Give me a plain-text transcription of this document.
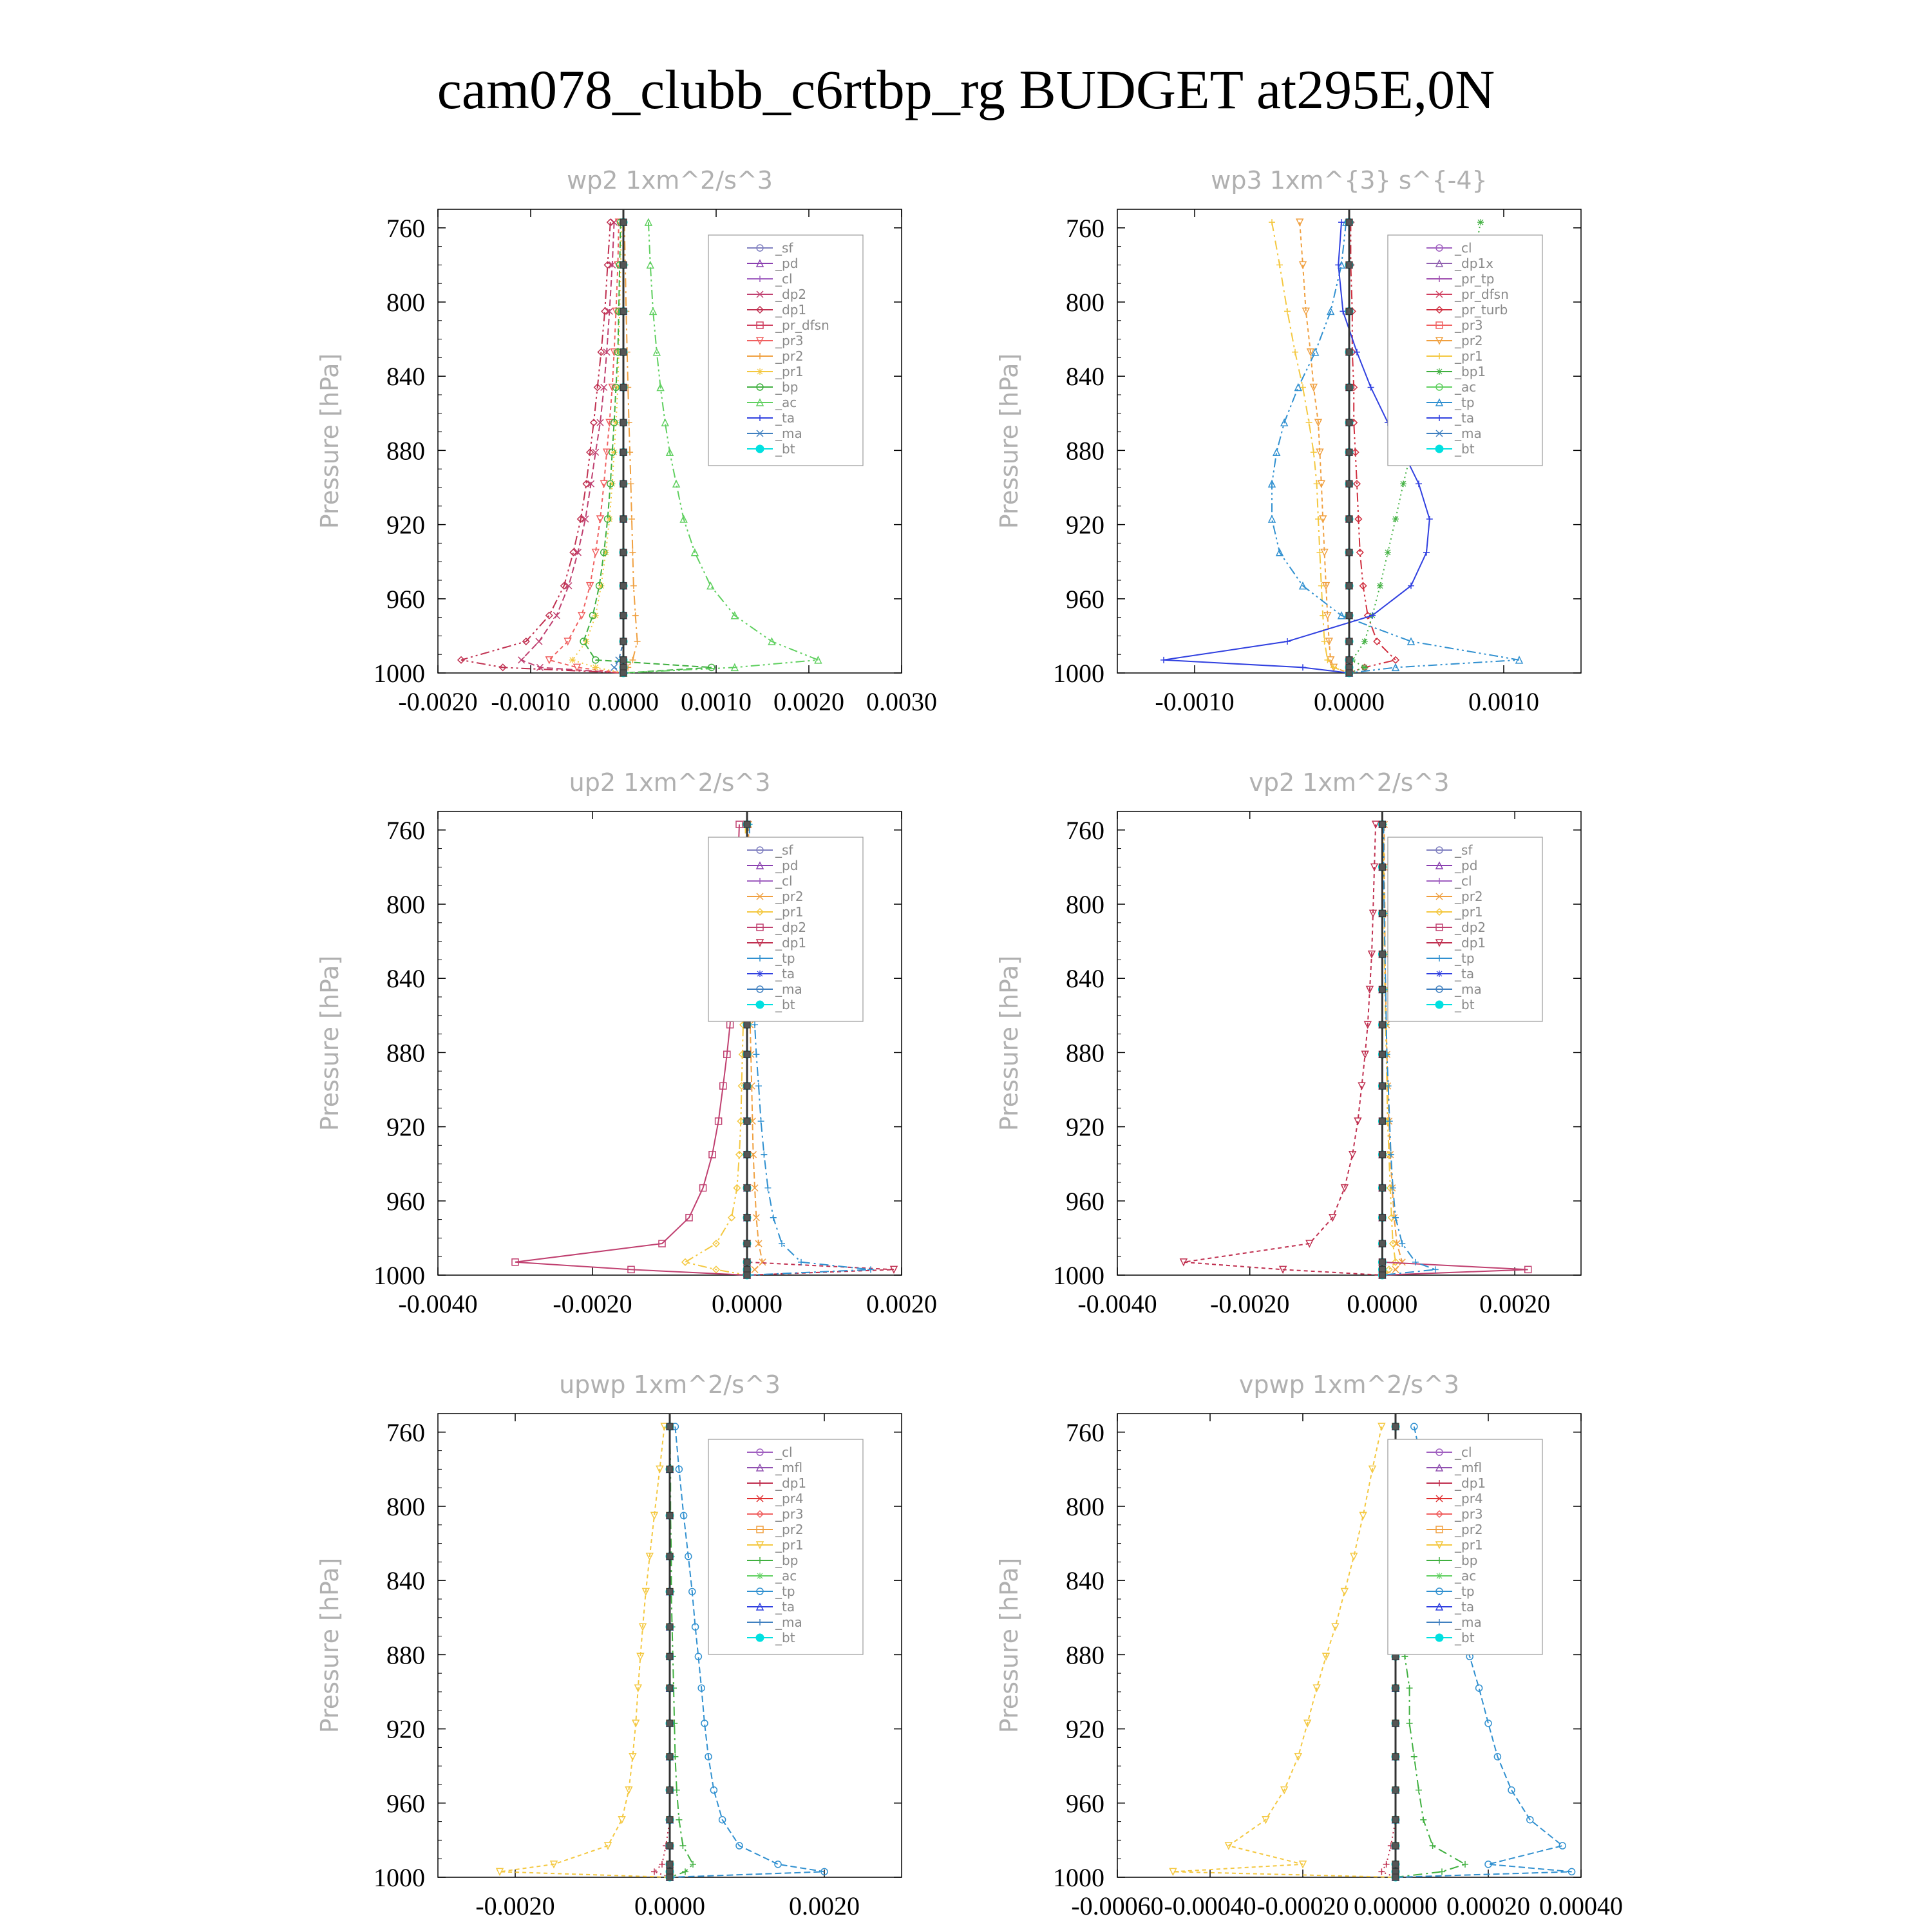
cam078_clubb_c6rtbp_rg BUDGET at295E,0N
wp2 1xm^2/s^3
Pressure [hPa]
760
800
840
880
920
960
1000
-0.0020 -0.0010 0.0000 0.0010 0.0020 0.0030
_sf
_pd
_cl
_dp2
_dp1
_pr_dfsn
_pr3
_pr2
_pr1
_bp
_ac
_ta
_ma
_bt
wp3 1xm^{3} s^{-4}
Pressure [hPa]
760
800
840
880
920
960
1000
-0.0010	0.0000	0.0010
_cl
_dp1x
_pr_tp
_pr_dfsn
_pr_turb
_pr3
_pr2
_pr1
_bp1
_ac
_tp
_ta
_ma
_bt
up2 1xm^2/s^3
Pressure [hPa]
760
800
840
880
920
960
1000
-0.0040	-0.0020	0.0000	0.0020
_sf
_pd
_cl
_pr2
_pr1
_dp2
_dp1
_tp
_ta
_ma
_bt
vp2 1xm^2/s^3
Pressure [hPa]
760
800
840
880
920
960
1000
-0.0040 -0.0020 0.0000 0.0020
_sf
_pd
_cl
_pr2
_pr1
_dp2
_dp1
_tp
_ta
_ma
_bt
upwp 1xm^2/s^3
Pressure [hPa]
760
800
840
880
920
960
1000
-0.0020	0.0000	0.0020
_cl
_mfl
_dp1
_pr4
_pr3
_pr2
_pr1
_bp
_ac
_tp
_ta
_ma
_bt
vpwp 1xm^2/s^3
Pressure [hPa]
760
800
840
880
920
960
1000
-0.00060 -0.00040 -0.00020 0.00000 0.00020 0.00040
_cl
_mfl
_dp1
_pr4
_pr3
_pr2
_pr1
_bp
_ac
_tp
_ta
_ma
_bt
